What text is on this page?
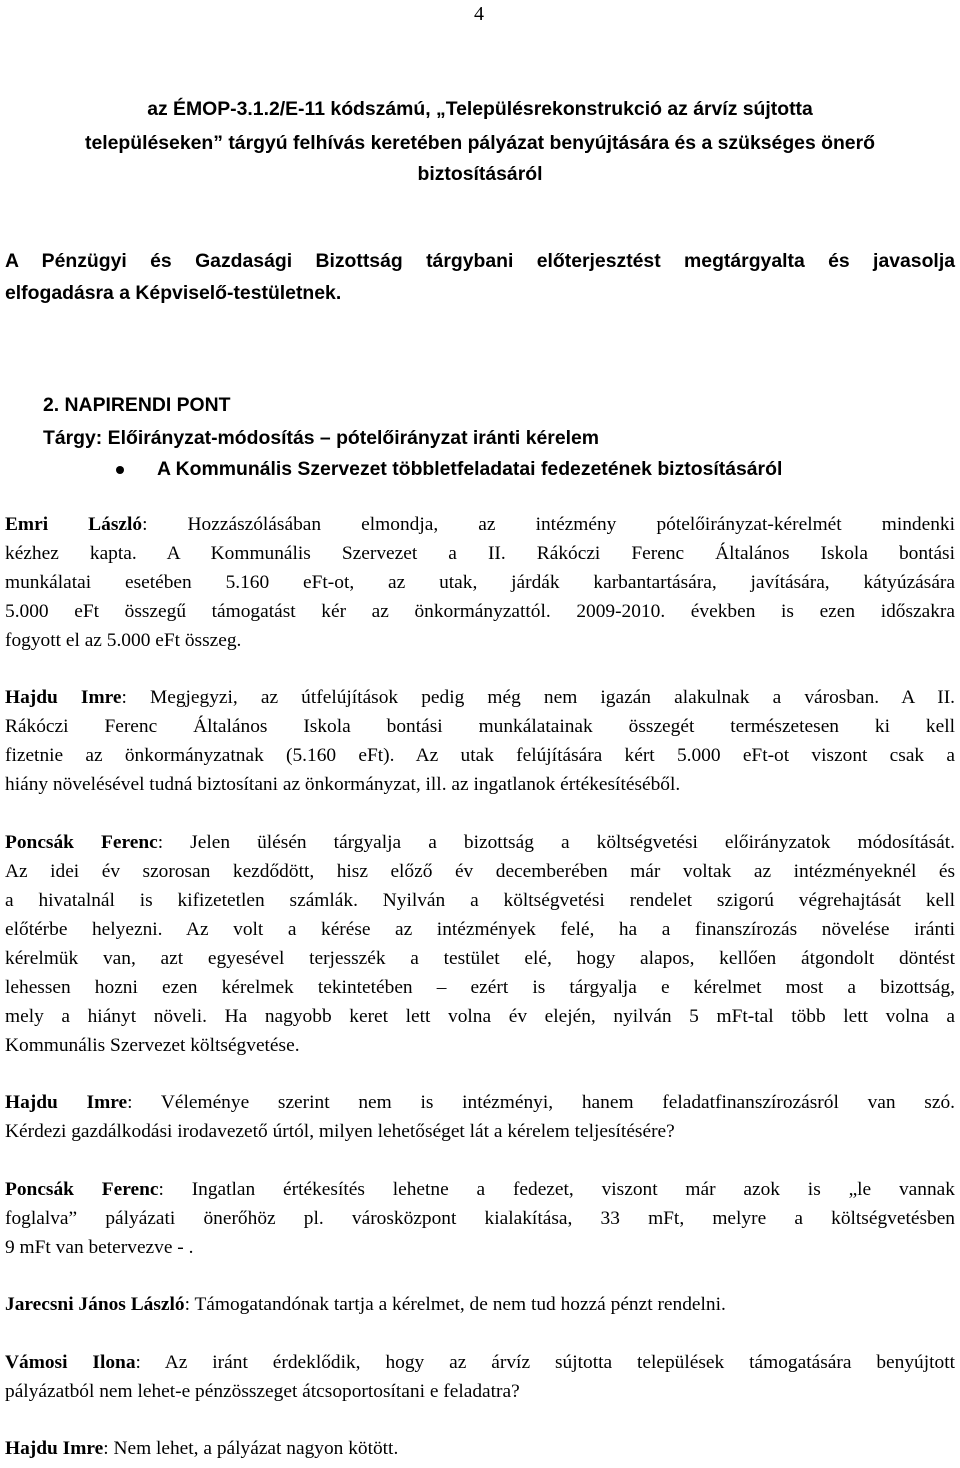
4
az ÉMOP-3.1.2/E-11 kódszámú, „Településrekonstrukció az árvíz sújtotta
településeken” tárgyú felhívás keretében pályázat benyújtására és a szükséges önerő
biztosításáról
A Pénzügyi és Gazdasági Bizottság tárgybani előterjesztést megtárgyalta és javasolja
elfogadásra a Képviselő-testületnek.
2. NAPIRENDI PONT
Tárgy: Előirányzat-módosítás – pótelőirányzat iránti kérelem
A Kommunális Szervezet többletfeladatai fedezetének biztosításáról
Emri László: Hozzászólásában elmondja, az intézmény pótelőirányzat-kérelmét mindenki
kézhez kapta. A Kommunális Szervezet a II. Rákóczi Ferenc Általános Iskola bontási
munkálatai esetében 5.160 eFt-ot, az utak, járdák karbantartására, javítására, kátyúzására
5.000 eFt összegű támogatást kér az önkormányzattól. 2009-2010. években is ezen időszakra
fogyott el az 5.000 eFt összeg.
Hajdu Imre: Megjegyzi, az útfelújítások pedig még nem igazán alakulnak a városban. A II.
Rákóczi Ferenc Általános Iskola bontási munkálatainak összegét természetesen ki kell
fizetnie az önkormányzatnak (5.160 eFt). Az utak felújítására kért 5.000 eFt-ot viszont csak a
hiány növelésével tudná biztosítani az önkormányzat, ill. az ingatlanok értékesítéséből.
Poncsák Ferenc: Jelen ülésén tárgyalja a bizottság a költségvetési előirányzatok módosítását.
Az idei év szorosan kezdődött, hisz előző év decemberében már voltak az intézményeknél és
a hivatalnál is kifizetetlen számlák. Nyilván a költségvetési rendelet szigorú végrehajtását kell
előtérbe helyezni. Az volt a kérése az intézmények felé, ha a finanszírozás növelése iránti
kérelmük van, azt egyesével terjesszék a testület elé, hogy alapos, kellően átgondolt döntést
lehessen hozni ezen kérelmek tekintetében – ezért is tárgyalja e kérelmet most a bizottság,
mely a hiányt növeli. Ha nagyobb keret lett volna év elején, nyilván 5 mFt-tal több lett volna a
Kommunális Szervezet költségvetése.
Hajdu Imre: Véleménye szerint nem is intézményi, hanem feladatfinanszírozásról van szó.
Kérdezi gazdálkodási irodavezető úrtól, milyen lehetőséget lát a kérelem teljesítésére?
Poncsák Ferenc: Ingatlan értékesítés lehetne a fedezet, viszont már azok is „le vannak
foglalva” pályázati önerőhöz pl. városközpont kialakítása, 33 mFt, melyre a költségvetésben
9 mFt van betervezve - .
Jarecsni János László: Támogatandónak tartja a kérelmet, de nem tud hozzá pénzt rendelni.
Vámosi Ilona: Az iránt érdeklődik, hogy az árvíz sújtotta települések támogatására benyújtott
pályázatból nem lehet-e pénzösszeget átcsoportosítani e feladatra?
Hajdu Imre: Nem lehet, a pályázat nagyon kötött.
